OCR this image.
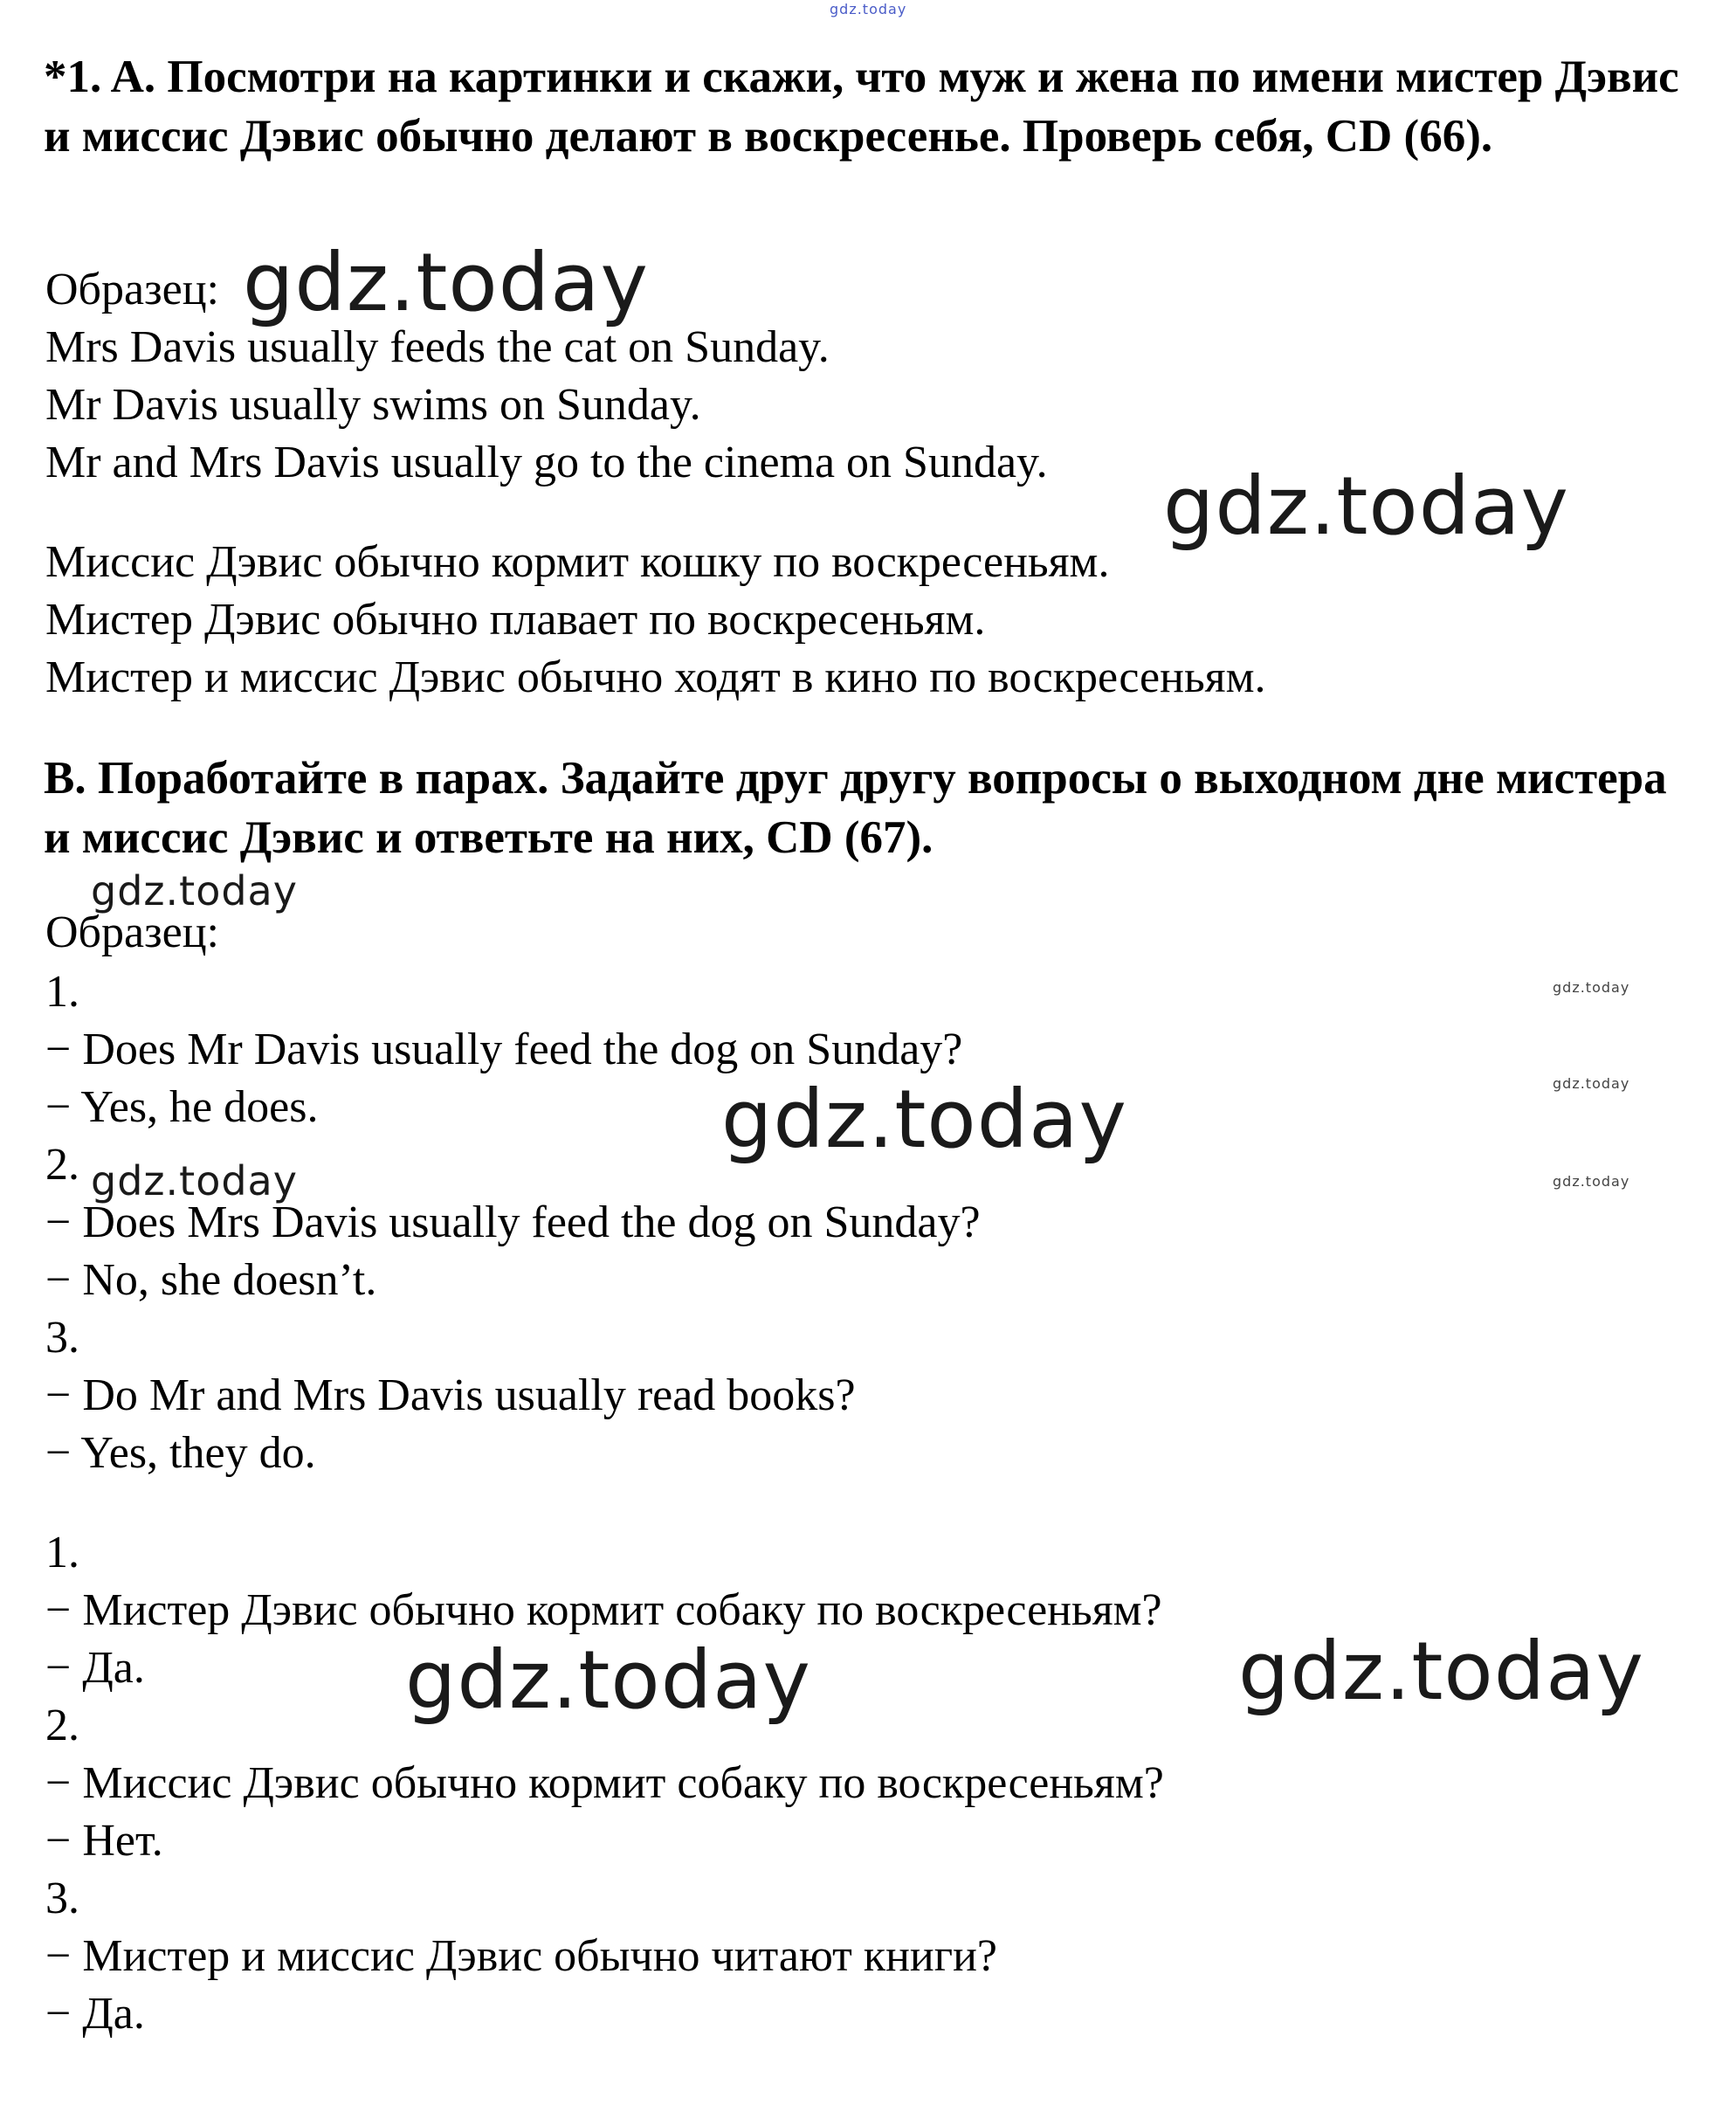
gdz.today
gdz.today
gdz.today
gdz.today
gdz.today
gdz.today
gdz.today
gdz.today	gdz.today
gdz.today	gdz.today
*1. A. Посмотри на картинки и скажи, что муж и жена по имени мистер Дэвис и миссис Дэвис обычно делают в воскресенье. Проверь себя, CD (66).
Образец:
Mrs Davis usually feeds the cat on Sunday.
Mr Davis usually swims on Sunday.
Mr and Mrs Davis usually go to the cinema on Sunday.
Миссис Дэвис обычно кормит кошку по воскресеньям.
Мистер Дэвис обычно плавает по воскресеньям.
Мистер и миссис Дэвис обычно ходят в кино по воскресеньям.
B. Поработайте в парах. Задайте друг другу вопросы о выходном дне мистера и миссис Дэвис и ответьте на них, CD (67).
Образец:
1.
− Does Mr Davis usually feed the dog on Sunday?
− Yes, he does.
2.
− Does Mrs Davis usually feed the dog on Sunday?
− No, she doesn’t.
3.
− Do Mr and Mrs Davis usually read books?
− Yes, they do.
1.
− Мистер Дэвис обычно кормит собаку по воскресеньям?
− Да.
2.
− Миссис Дэвис обычно кормит собаку по воскресеньям?
− Нет.
3.
− Мистер и миссис Дэвис обычно читают книги?
− Да.
